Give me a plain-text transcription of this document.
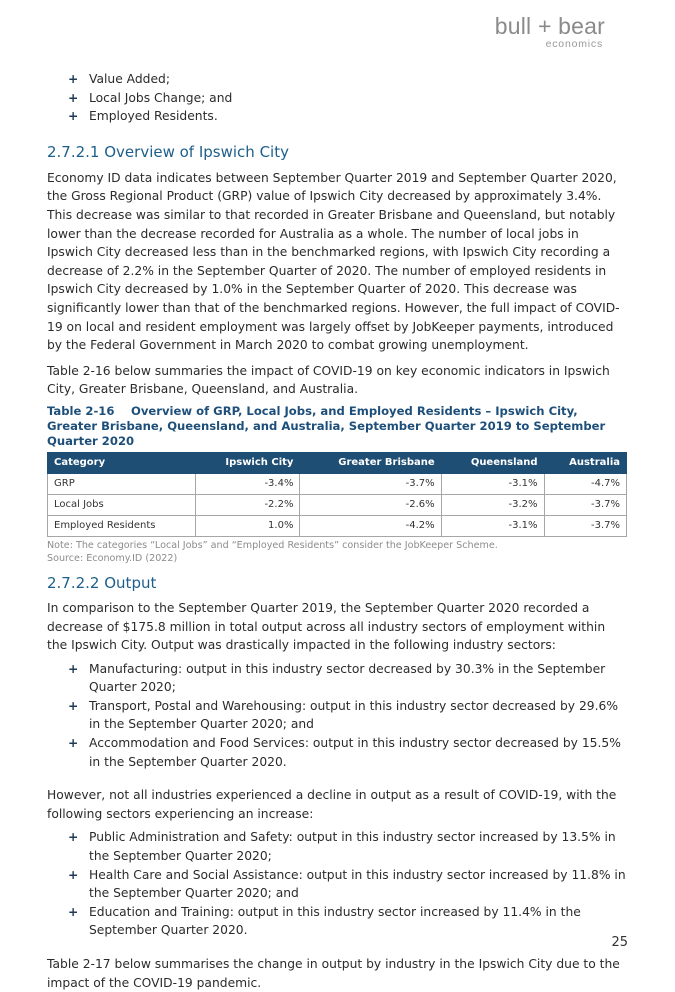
bull + bear
economics
+ Value Added;
+ Local Jobs Change; and
+ Employed Residents.
2.7.2.1 Overview of Ipswich City

Economy ID data indicates between September Quarter 2019 and September Quarter 2020, the Gross Regional Product (GRP) value of Ipswich City decreased by approximately 3.4%. This decrease was similar to that recorded in Greater Brisbane and Queensland, but notably lower than the decrease recorded for Australia as a whole. The number of local jobs in Ipswich City decreased less than in the benchmarked regions, with Ipswich City recording a decrease of 2.2% in the September Quarter of 2020. The number of employed residents in Ipswich City decreased by 1.0% in the September Quarter of 2020. This decrease was significantly lower than that of the benchmarked regions. However, the full impact of COVID-19 on local and resident employment was largely offset by JobKeeper payments, introduced by the Federal Government in March 2020 to combat growing unemployment.

Table 2-16 below summaries the impact of COVID-19 on key economic indicators in Ipswich City, Greater Brisbane, Queensland, and Australia.

Table 2-16 Overview of GRP, Local Jobs, and Employed Residents – Ipswich City, Greater Brisbane, Queensland, and Australia, September Quarter 2019 to September Quarter 2020
Category	Ipswich City	Greater Brisbane	Queensland	Australia
GRP	-3.4%	-3.7%	-3.1%	-4.7%
Local Jobs	-2.2%	-2.6%	-3.2%	-3.7%
Employed Residents	1.0%	-4.2%	-3.1%	-3.7%
Note: The categories “Local Jobs” and “Employed Residents” consider the JobKeeper Scheme.
Source: Economy.ID (2022)
2.7.2.2 Output

In comparison to the September Quarter 2019, the September Quarter 2020 recorded a decrease of $175.8 million in total output across all industry sectors of employment within the Ipswich City. Output was drastically impacted in the following industry sectors:

+ Manufacturing: output in this industry sector decreased by 30.3% in the September Quarter 2020;
+ Transport, Postal and Warehousing: output in this industry sector decreased by 29.6% in the September Quarter 2020; and
+ Accommodation and Food Services: output in this industry sector decreased by 15.5% in the September Quarter 2020.

However, not all industries experienced a decline in output as a result of COVID-19, with the following sectors experiencing an increase:

+ Public Administration and Safety: output in this industry sector increased by 13.5% in the September Quarter 2020;
+ Health Care and Social Assistance: output in this industry sector increased by 11.8% in the September Quarter 2020; and
+ Education and Training: output in this industry sector increased by 11.4% in the September Quarter 2020.

Table 2-17 below summarises the change in output by industry in the Ipswich City due to the impact of the COVID-19 pandemic.

25
